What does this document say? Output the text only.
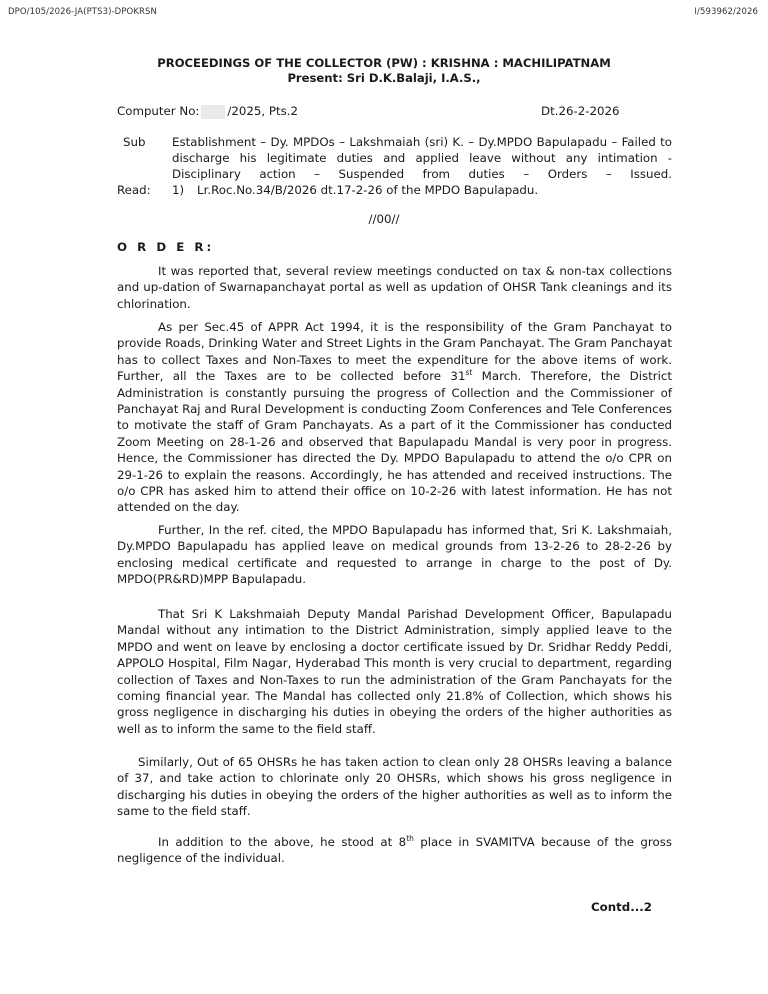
DPO/105/2026-JA(PTS3)-DPOKRSN	I/593962/2026
PROCEEDINGS OF THE COLLECTOR (PW) : KRISHNA : MACHILIPATNAM
Present: Sri D.K.Balaji, I.A.S.,
Computer No: /2025, Pts.2	Dt.26-2-2026
Sub Establishment – Dy. MPDOs – Lakshmaiah (sri) K. – Dy.MPDO Bapulapadu – Failed to discharge his legitimate duties and applied leave without any intimation - Disciplinary action – Suspended from duties – Orders – Issued.
Read: 1) Lr.Roc.No.34/B/2026 dt.17-2-26 of the MPDO Bapulapadu.
//00//
O R D E R:

It was reported that, several review meetings conducted on tax & non-tax collections and up-dation of Swarnapanchayat portal as well as updation of OHSR Tank cleanings and its chlorination.

As per Sec.45 of APPR Act 1994, it is the responsibility of the Gram Panchayat to provide Roads, Drinking Water and Street Lights in the Gram Panchayat. The Gram Panchayat has to collect Taxes and Non-Taxes to meet the expenditure for the above items of work. Further, all the Taxes are to be collected before 31st March. Therefore, the District Administration is constantly pursuing the progress of Collection and the Commissioner of Panchayat Raj and Rural Development is conducting Zoom Conferences and Tele Conferences to motivate the staff of Gram Panchayats. As a part of it the Commissioner has conducted Zoom Meeting on 28-1-26 and observed that Bapulapadu Mandal is very poor in progress. Hence, the Commissioner has directed the Dy. MPDO Bapulapadu to attend the o/o CPR on 29-1-26 to explain the reasons. Accordingly, he has attended and received instructions. The o/o CPR has asked him to attend their office on 10-2-26 with latest information. He has not attended on the day.

Further, In the ref. cited, the MPDO Bapulapadu has informed that, Sri K. Lakshmaiah, Dy.MPDO Bapulapadu has applied leave on medical grounds from 13-2-26 to 28-2-26 by enclosing medical certificate and requested to arrange in charge to the post of Dy. MPDO(PR&RD)MPP Bapulapadu.

That Sri K Lakshmaiah Deputy Mandal Parishad Development Officer, Bapulapadu Mandal without any intimation to the District Administration, simply applied leave to the MPDO and went on leave by enclosing a doctor certificate issued by Dr. Sridhar Reddy Peddi, APPOLO Hospital, Film Nagar, Hyderabad This month is very crucial to department, regarding collection of Taxes and Non-Taxes to run the administration of the Gram Panchayats for the coming financial year. The Mandal has collected only 21.8% of Collection, which shows his gross negligence in discharging his duties in obeying the orders of the higher authorities as well as to inform the same to the field staff.

Similarly, Out of 65 OHSRs he has taken action to clean only 28 OHSRs leaving a balance of 37, and take action to chlorinate only 20 OHSRs, which shows his gross negligence in discharging his duties in obeying the orders of the higher authorities as well as to inform the same to the field staff.

In addition to the above, he stood at 8th place in SVAMITVA because of the gross negligence of the individual.

Contd...2
